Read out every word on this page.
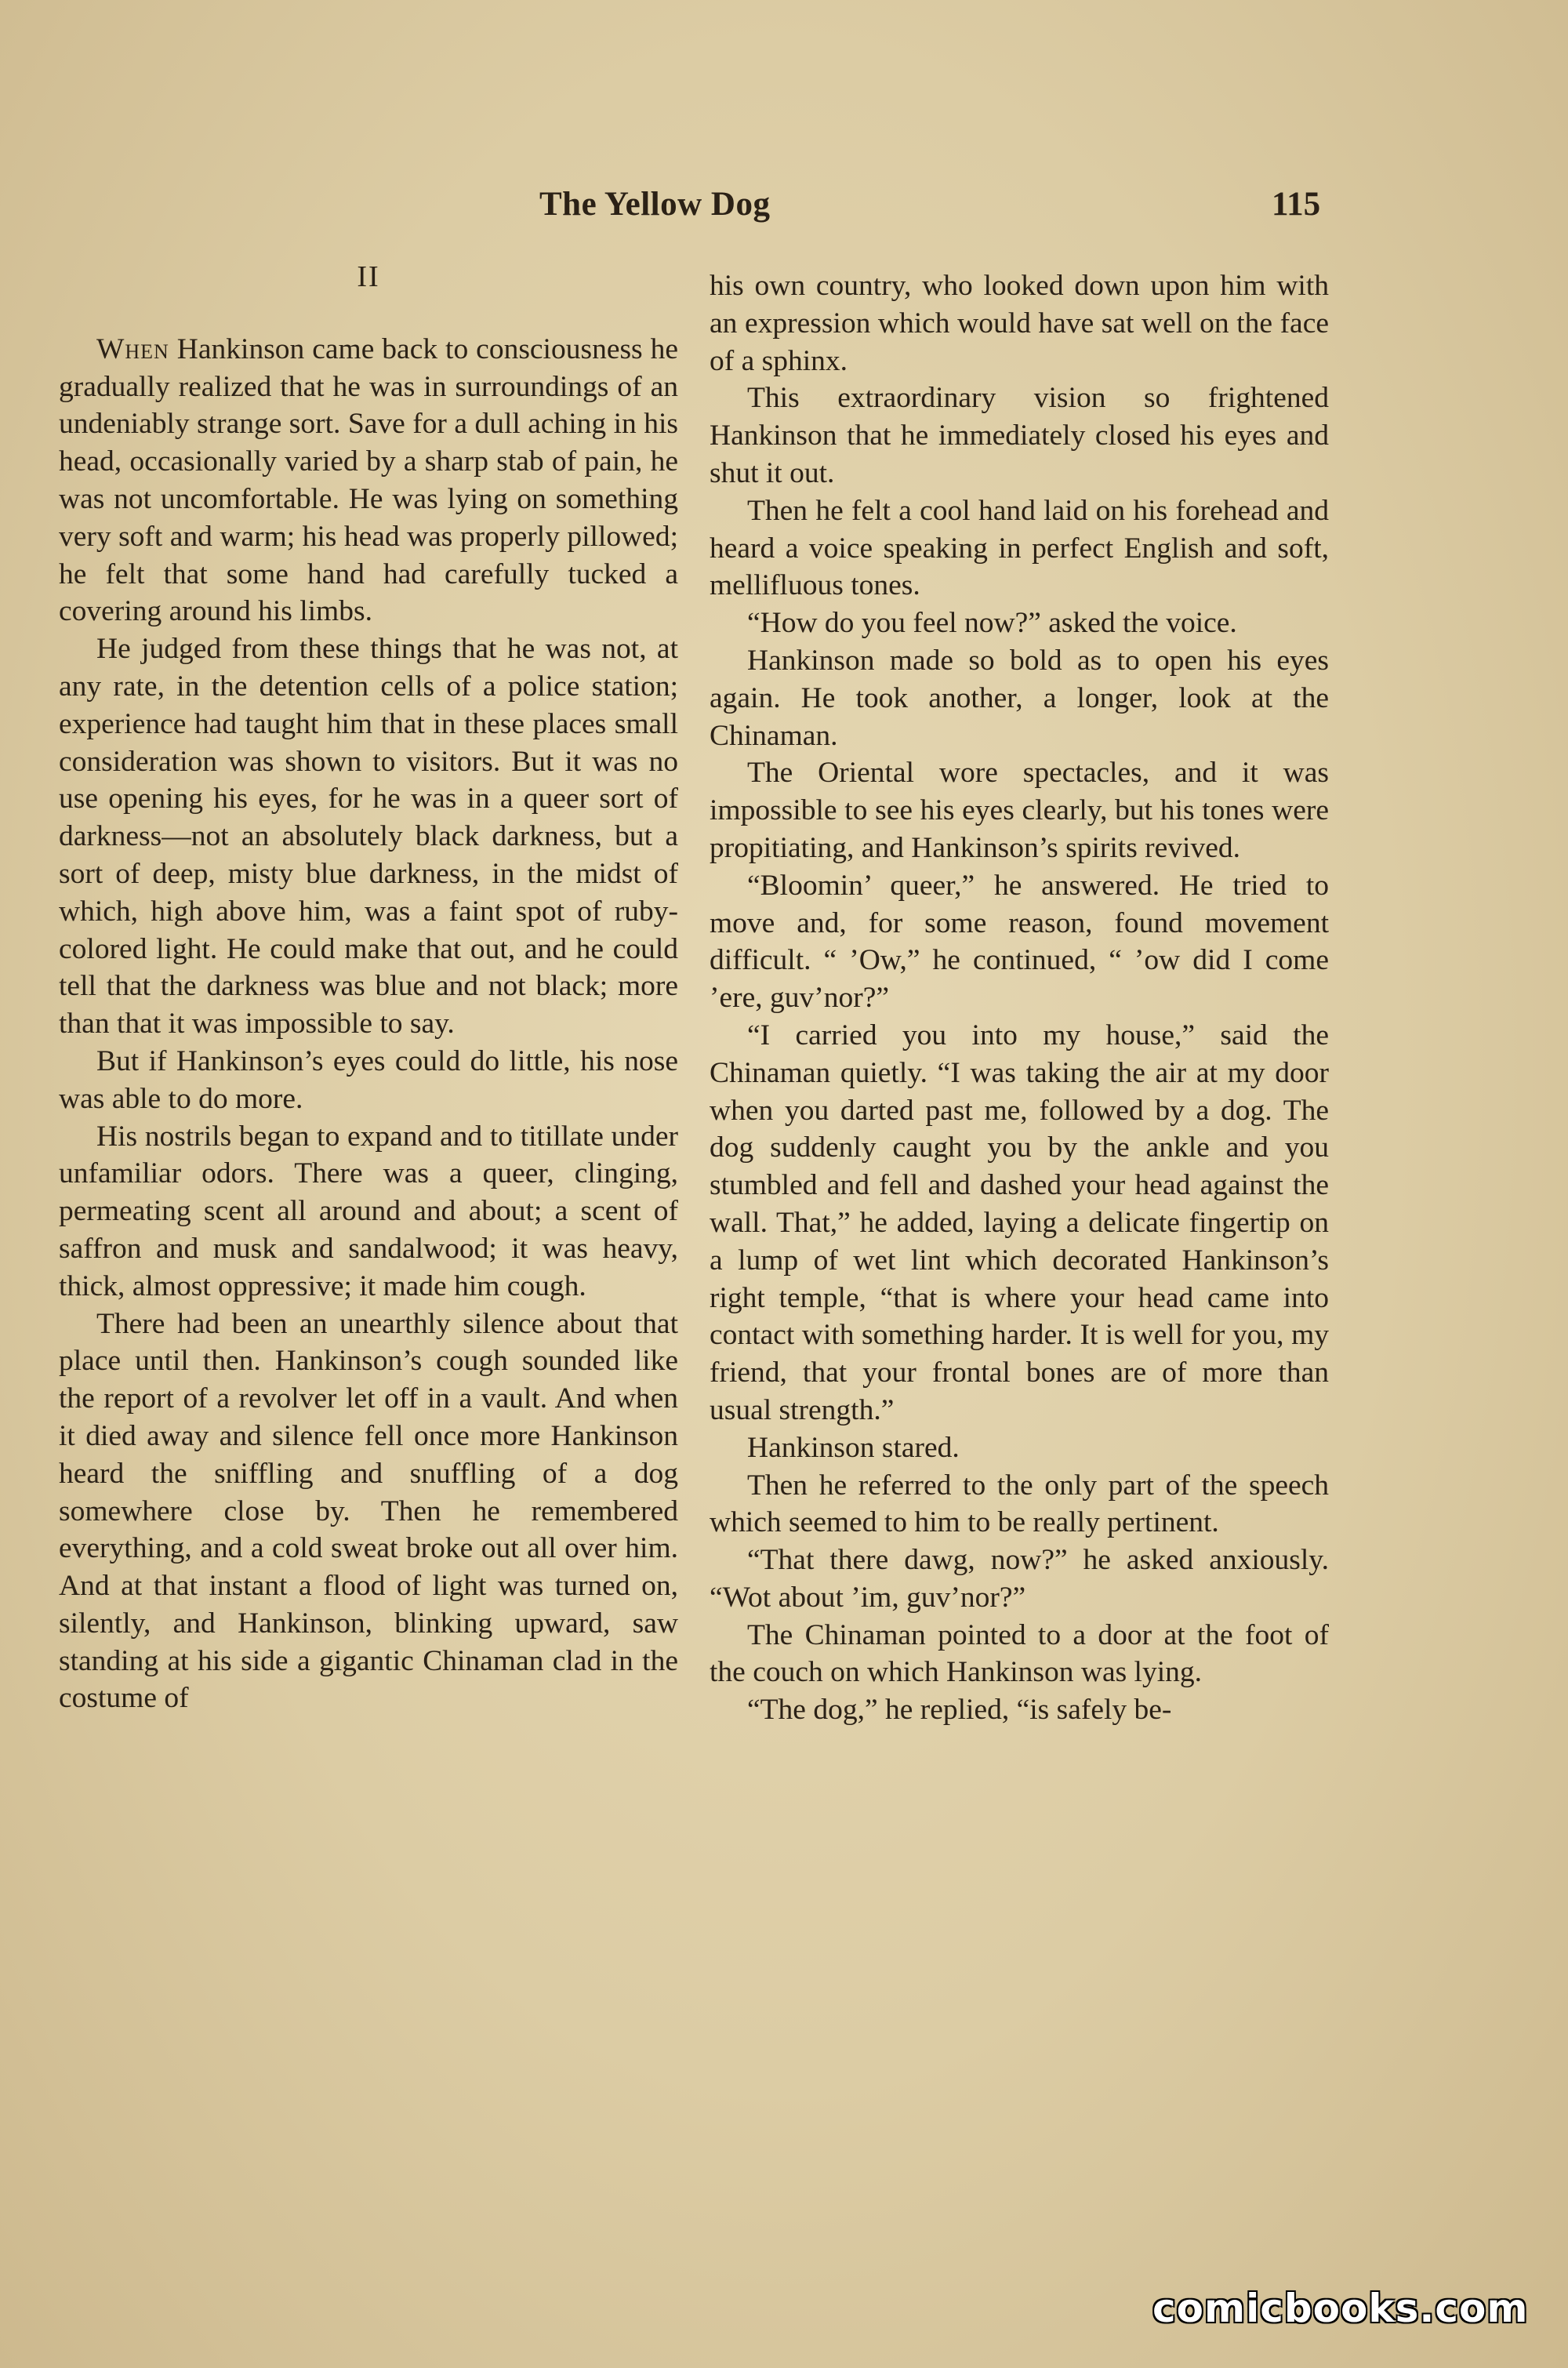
The Yellow Dog	115
II

When Hankinson came back to consciousness he gradually realized that he was in surroundings of an undeniably strange sort. Save for a dull aching in his head, occasionally varied by a sharp stab of pain, he was not uncomfortable. He was lying on something very soft and warm; his head was properly pillowed; he felt that some hand had carefully tucked a covering around his limbs.

He judged from these things that he was not, at any rate, in the detention cells of a police station; experience had taught him that in these places small consideration was shown to visitors. But it was no use opening his eyes, for he was in a queer sort of darkness—not an absolutely black darkness, but a sort of deep, misty blue darkness, in the midst of which, high above him, was a faint spot of ruby-colored light. He could make that out, and he could tell that the darkness was blue and not black; more than that it was impossible to say.

But if Hankinson’s eyes could do little, his nose was able to do more.

His nostrils began to expand and to titillate under unfamiliar odors. There was a queer, clinging, permeating scent all around and about; a scent of saffron and musk and sandalwood; it was heavy, thick, almost oppressive; it made him cough.

There had been an unearthly silence about that place until then. Hankinson’s cough sounded like the report of a revolver let off in a vault. And when it died away and silence fell once more Hankinson heard the sniffling and snuffling of a dog somewhere close by. Then he remembered everything, and a cold sweat broke out all over him. And at that instant a flood of light was turned on, silently, and Hankinson, blinking upward, saw standing at his side a gigantic Chinaman clad in the costume of

his own country, who looked down upon him with an expression which would have sat well on the face of a sphinx.

This extraordinary vision so frightened Hankinson that he immediately closed his eyes and shut it out.

Then he felt a cool hand laid on his forehead and heard a voice speaking in perfect English and soft, mellifluous tones.

“How do you feel now?” asked the voice.

Hankinson made so bold as to open his eyes again. He took another, a longer, look at the Chinaman.

The Oriental wore spectacles, and it was impossible to see his eyes clearly, but his tones were propitiating, and Hankinson’s spirits revived.

“Bloomin’ queer,” he answered. He tried to move and, for some reason, found movement difficult. “ ’Ow,” he continued, “ ’ow did I come ’ere, guv’nor?”

“I carried you into my house,” said the Chinaman quietly. “I was taking the air at my door when you darted past me, followed by a dog. The dog suddenly caught you by the ankle and you stumbled and fell and dashed your head against the wall. That,” he added, laying a delicate fingertip on a lump of wet lint which decorated Hankinson’s right temple, “that is where your head came into contact with something harder. It is well for you, my friend, that your frontal bones are of more than usual strength.”

Hankinson stared.

Then he referred to the only part of the speech which seemed to him to be really pertinent.

“That there dawg, now?” he asked anxiously. “Wot about ’im, guv’nor?”

The Chinaman pointed to a door at the foot of the couch on which Hankinson was lying.

“The dog,” he replied, “is safely be-

comicbooks.com
